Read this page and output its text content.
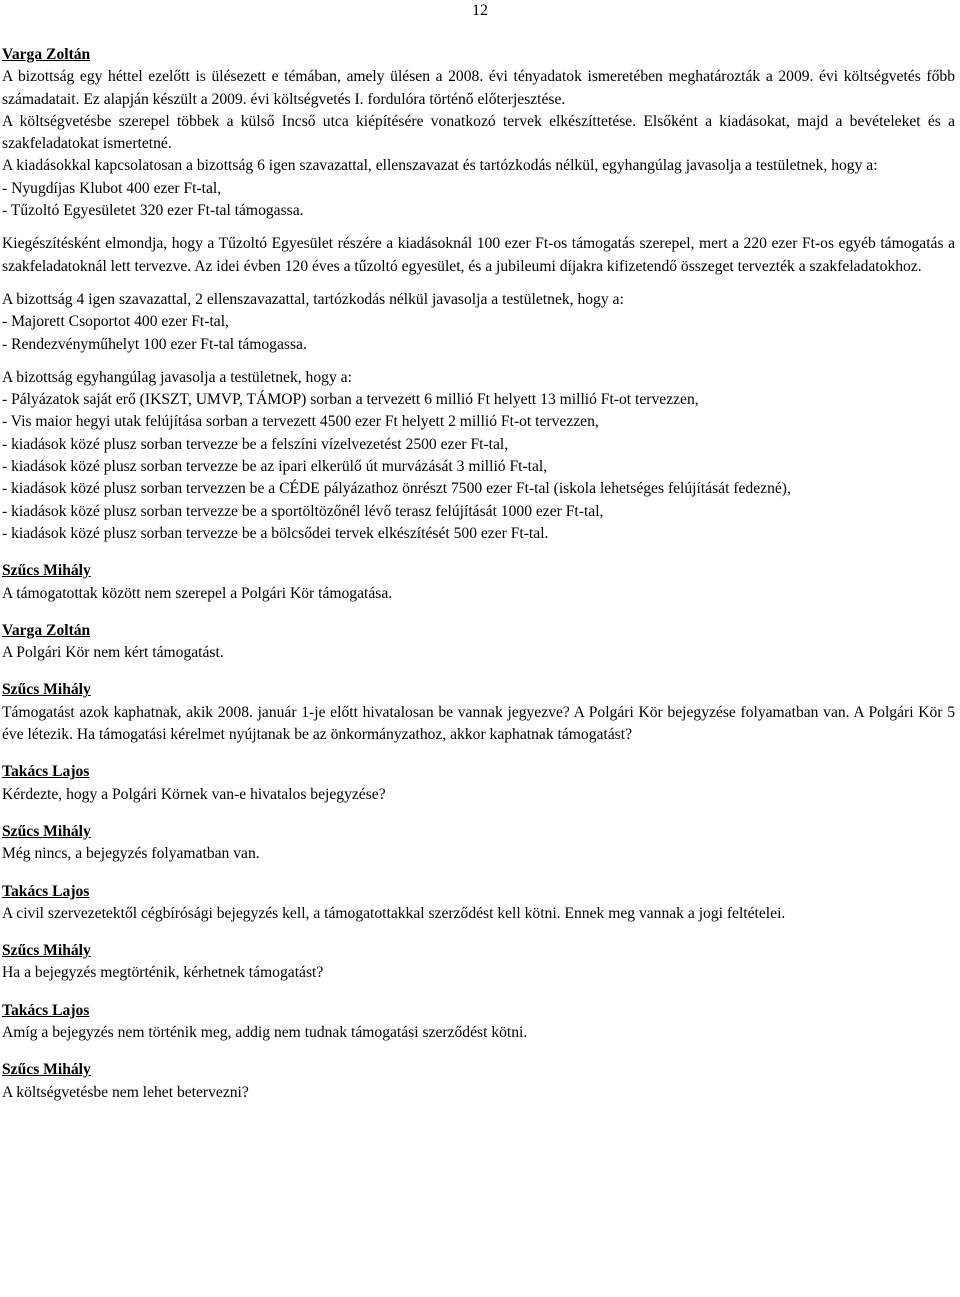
12
Varga Zoltán

A bizottság egy héttel ezelőtt is ülésezett e témában, amely ülésen a 2008. évi tényadatok ismeretében meghatározták a 2009. évi költségvetés főbb számadatait. Ez alapján készült a 2009. évi költségvetés I. fordulóra történő előterjesztése.

A költségvetésbe szerepel többek a külső Incső utca kiépítésére vonatkozó tervek elkészíttetése. Elsőként a kiadásokat, majd a bevételeket és a szakfeladatokat ismertetné.

A kiadásokkal kapcsolatosan a bizottság 6 igen szavazattal, ellenszavazat és tartózkodás nélkül, egyhangúlag javasolja a testületnek, hogy a:

- Nyugdíjas Klubot 400 ezer Ft-tal,
- Tűzoltó Egyesületet 320 ezer Ft-tal támogassa.

Kiegészítésként elmondja, hogy a Tűzoltó Egyesület részére a kiadásoknál 100 ezer Ft-os támogatás szerepel, mert a 220 ezer Ft-os egyéb támogatás a szakfeladatoknál lett tervezve. Az idei évben 120 éves a tűzoltó egyesület, és a jubileumi díjakra kifizetendő összeget tervezték a szakfeladatokhoz.

A bizottság 4 igen szavazattal, 2 ellenszavazattal, tartózkodás nélkül javasolja a testületnek, hogy a:

- Majorett Csoportot 400 ezer Ft-tal,
- Rendezvényműhelyt 100 ezer Ft-tal támogassa.

A bizottság egyhangúlag javasolja a testületnek, hogy a:

- Pályázatok saját erő (IKSZT, UMVP, TÁMOP) sorban a tervezett 6 millió Ft helyett 13 millió Ft-ot tervezzen,
- Vis maior hegyi utak felújítása sorban a tervezett 4500 ezer Ft helyett 2 millió Ft-ot tervezzen,
- kiadások közé plusz sorban tervezze be a felszíni vízelvezetést 2500 ezer Ft-tal,
- kiadások közé plusz sorban tervezze be az ipari elkerülő út murvázását 3 millió Ft-tal,
- kiadások közé plusz sorban tervezzen be a CÉDE pályázathoz önrészt 7500 ezer Ft-tal (iskola lehetséges felújítását fedezné),
- kiadások közé plusz sorban tervezze be a sportöltözőnél lévő terasz felújítását 1000 ezer Ft-tal,
- kiadások közé plusz sorban tervezze be a bölcsődei tervek elkészítését 500 ezer Ft-tal.
Szűcs Mihály

A támogatottak között nem szerepel a Polgári Kör támogatása.

Varga Zoltán

A Polgári Kör nem kért támogatást.

Szűcs Mihály

Támogatást azok kaphatnak, akik 2008. január 1-je előtt hivatalosan be vannak jegyezve? A Polgári Kör bejegyzése folyamatban van. A Polgári Kör 5 éve létezik. Ha támogatási kérelmet nyújtanak be az önkormányzathoz, akkor kaphatnak támogatást?

Takács Lajos

Kérdezte, hogy a Polgári Körnek van-e hivatalos bejegyzése?

Szűcs Mihály

Még nincs, a bejegyzés folyamatban van.

Takács Lajos

A civil szervezetektől cégbírósági bejegyzés kell, a támogatottakkal szerződést kell kötni. Ennek meg vannak a jogi feltételei.

Szűcs Mihály

Ha a bejegyzés megtörténik, kérhetnek támogatást?

Takács Lajos

Amíg a bejegyzés nem történik meg, addig nem tudnak támogatási szerződést kötni.

Szűcs Mihály

A költségvetésbe nem lehet betervezni?
